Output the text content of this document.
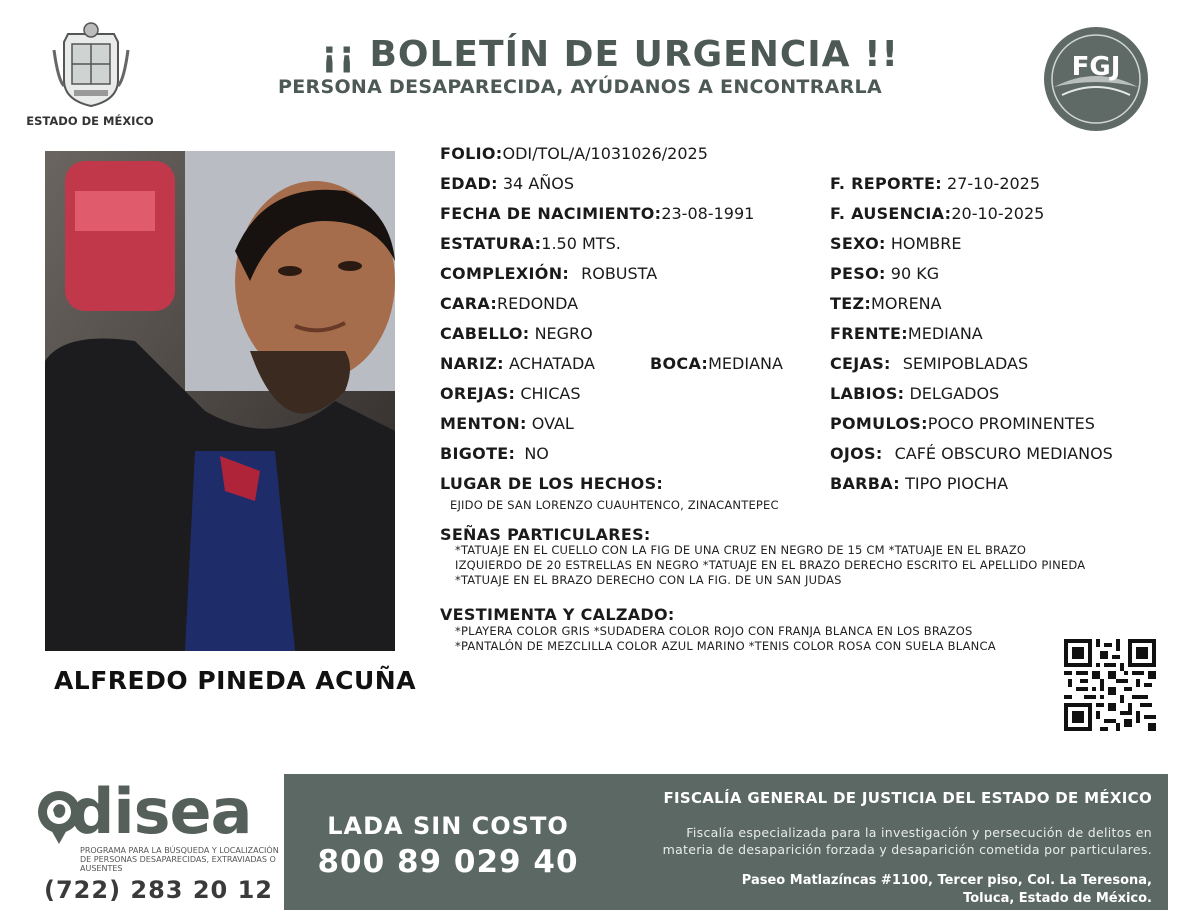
ESTADO DE MÉXICO
¡¡ BOLETÍN DE URGENCIA !!
PERSONA DESAPARECIDA, AYÚDANOS A ENCONTRARLA
FGJ
ALFREDO PINEDA ACUÑA
FOLIO:ODI/TOL/A/1031026/2025
EDAD: 34 AÑOS
FECHA DE NACIMIENTO:23-08-1991
ESTATURA:1.50 MTS.
COMPLEXIÓN: ROBUSTA
CARA:REDONDA
CABELLO: NEGRO
NARIZ: ACHATADA	BOCA:MEDIANA
OREJAS: CHICAS
MENTON: OVAL
BIGOTE: NO
LUGAR DE LOS HECHOS:
EJIDO DE SAN LORENZO CUAUHTENCO, ZINACANTEPEC
F. REPORTE: 27-10-2025
F. AUSENCIA:20-10-2025
SEXO: HOMBRE
PESO: 90 KG
TEZ:MORENA
FRENTE:MEDIANA
CEJAS: SEMIPOBLADAS
LABIOS: DELGADOS
POMULOS:POCO PROMINENTES
OJOS: CAFÉ OBSCURO MEDIANOS
BARBA: TIPO PIOCHA
SEÑAS PARTICULARES:
*TATUAJE EN EL CUELLO CON LA FIG DE UNA CRUZ EN NEGRO DE 15 CM *TATUAJE EN EL BRAZO
IZQUIERDO DE 20 ESTRELLAS EN NEGRO *TATUAJE EN EL BRAZO DERECHO ESCRITO EL APELLIDO PINEDA
*TATUAJE EN EL BRAZO DERECHO CON LA FIG. DE UN SAN JUDAS
VESTIMENTA Y CALZADO:
*PLAYERA COLOR GRIS *SUDADERA COLOR ROJO CON FRANJA BLANCA EN LOS BRAZOS
*PANTALÓN DE MEZCLILLA COLOR AZUL MARINO *TENIS COLOR ROSA CON SUELA BLANCA
disea
PROGRAMA PARA LA BÚSQUEDA Y LOCALIZACIÓN DE PERSONAS DESAPARECIDAS, EXTRAVIADAS O AUSENTES
(722) 283 20 12
LADA SIN COSTO
800 89 029 40
FISCALÍA GENERAL DE JUSTICIA DEL ESTADO DE MÉXICO
Fiscalía especializada para la investigación y persecución de delitos en
materia de desaparición forzada y desaparición cometida por particulares.
Paseo Matlazíncas #1100, Tercer piso, Col. La Teresona,
Toluca, Estado de México.
